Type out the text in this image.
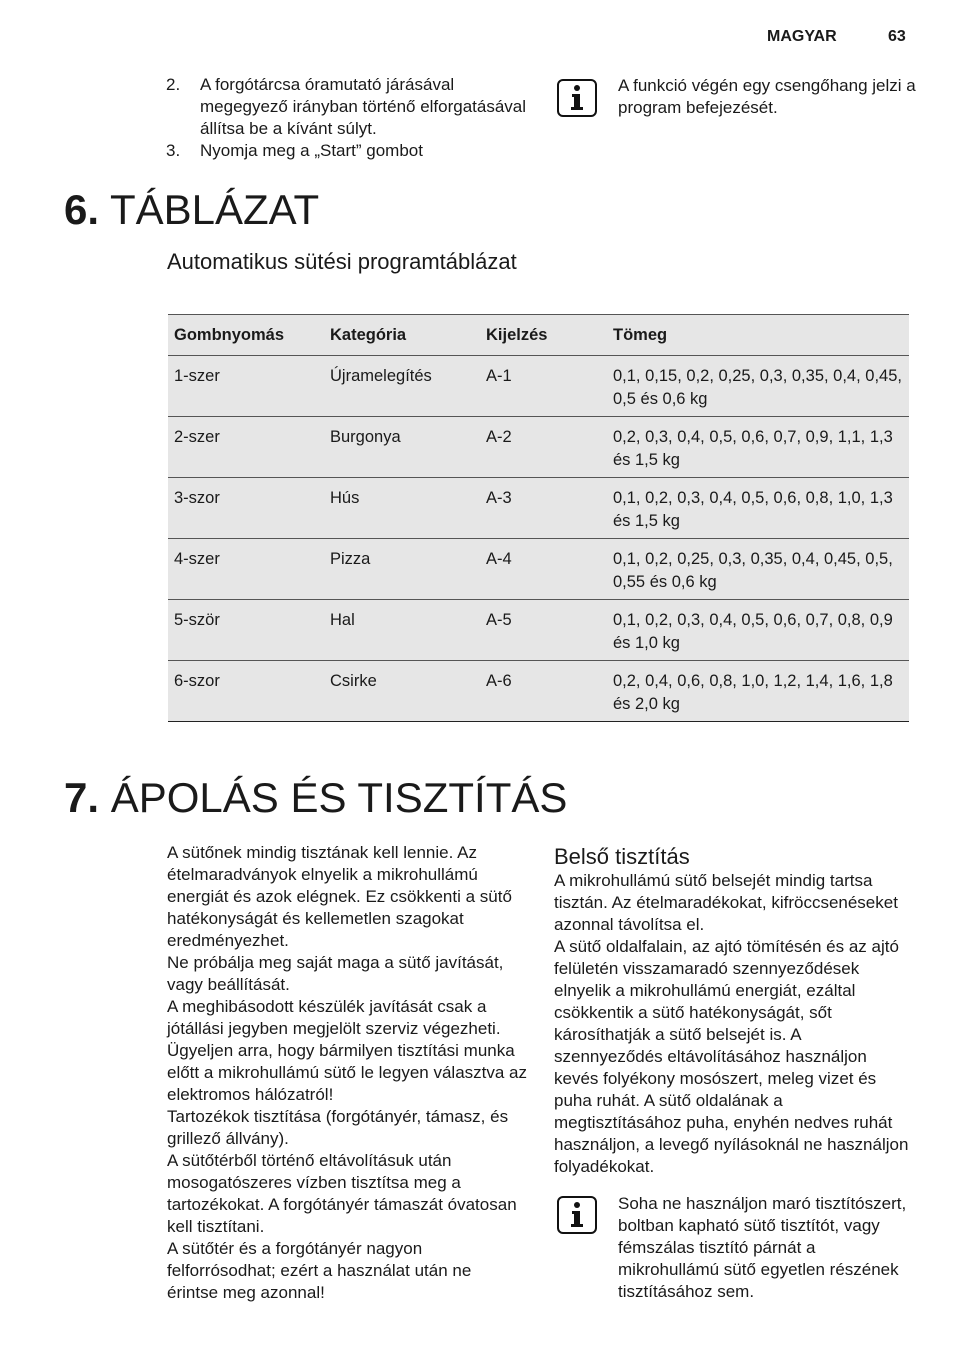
MAGYAR	63
2.	A forgótárcsa óramutató járásával megegyező irányban történő elforgatásával állítsa be a kívánt súlyt.
3.	Nyomja meg a „Start” gombot
A funkció végén egy csengőhang jelzi a program befejezését.
6. TÁBLÁZAT
Automatikus sütési programtáblázat
Gombnyomás	Kategória	Kijelzés	Tömeg
1-szer	Újramelegítés	A-1	0,1, 0,15, 0,2, 0,25, 0,3, 0,35, 0,4, 0,45, 0,5 és 0,6 kg
2-szer	Burgonya	A-2	0,2, 0,3, 0,4, 0,5, 0,6, 0,7, 0,9, 1,1, 1,3 és 1,5 kg
3-szor	Hús	A-3	0,1, 0,2, 0,3, 0,4, 0,5, 0,6, 0,8, 1,0, 1,3 és 1,5 kg
4-szer	Pizza	A-4	0,1, 0,2, 0,25, 0,3, 0,35, 0,4, 0,45, 0,5, 0,55 és 0,6 kg
5-ször	Hal	A-5	0,1, 0,2, 0,3, 0,4, 0,5, 0,6, 0,7, 0,8, 0,9 és 1,0 kg
6-szor	Csirke	A-6	0,2, 0,4, 0,6, 0,8, 1,0, 1,2, 1,4, 1,6, 1,8 és 2,0 kg
7. ÁPOLÁS ÉS TISZTÍTÁS

A sütőnek mindig tisztának kell lennie. Az ételmaradványok elnyelik a mikrohullámú energiát és azok elégnek. Ez csökkenti a sütő hatékonyságát és kellemetlen szagokat eredményezhet.

Ne próbálja meg saját maga a sütő javítását, vagy beállítását.

A meghibásodott készülék javítását csak a jótállási jegyben megjelölt szerviz végezheti.

Ügyeljen arra, hogy bármilyen tisztítási munka előtt a mikrohullámú sütő le legyen választva az elektromos hálózatról!

Tartozékok tisztítása (forgótányér, támasz, és grillező állvány).

A sütőtérből történő eltávolításuk után mosogatószeres vízben tisztítsa meg a tartozékokat. A forgótányér támaszát óvatosan kell tisztítani.

A sütőtér és a forgótányér nagyon felforrósodhat; ezért a használat után ne érintse meg azonnal!

Belső tisztítás

A mikrohullámú sütő belsejét mindig tartsa tisztán. Az ételmaradékokat, kifröccsenéseket azonnal távolítsa el.

A sütő oldalfalain, az ajtó tömítésén és az ajtó felületén visszamaradó szennyeződések elnyelik a mikrohullámú energiát, ezáltal csökkentik a sütő hatékonyságát, sőt károsíthatják a sütő belsejét is. A szennyeződés eltávolításához használjon kevés folyékony mosószert, meleg vizet és puha ruhát. A sütő oldalának a megtisztításához puha, enyhén nedves ruhát használjon, a levegő nyílásoknál ne használjon folyadékokat.

Soha ne használjon maró tisztítószert, boltban kapható sütő tisztítót, vagy fémszálas tisztító párnát a mikrohullámú sütő egyetlen részének tisztításához sem.
